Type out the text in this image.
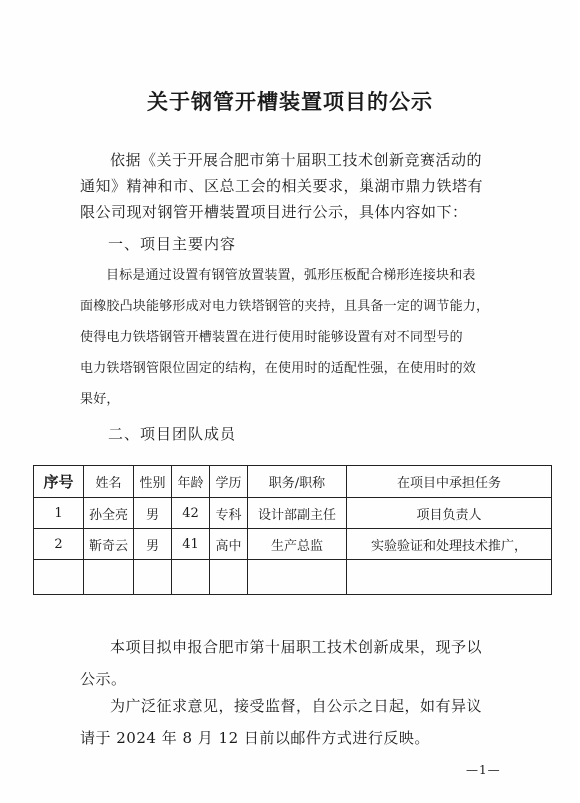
关于钢管开槽装置项目的公示
依据《关于开展合肥市第十届职工技术创新竞赛活动的
通知》精神和市、区总工会的相关要求，巢湖市鼎力铁塔有
限公司现对钢管开槽装置项目进行公示，具体内容如下：
一、项目主要内容
目标是通过设置有钢管放置装置，弧形压板配合梯形连接块和表
面橡胶凸块能够形成对电力铁塔钢管的夹持，且具备一定的调节能力，
使得电力铁塔钢管开槽装置在进行使用时能够设置有对不同型号的
电力铁塔钢管限位固定的结构，在使用时的适配性强，在使用时的效
果好，
二、项目团队成员
序号	姓名	性别	年龄	学历	职务/职称	在项目中承担任务
1	孙全亮	男	42	专科	设计部副主任	项目负责人
2	靳奇云	男	41	高中	生产总监	实验验证和处理技术推广，

本项目拟申报合肥市第十届职工技术创新成果，现予以
公示。
为广泛征求意见，接受监督，自公示之日起，如有异议
请于 2024 年 8 月 12 日前以邮件方式进行反映。
—1—
